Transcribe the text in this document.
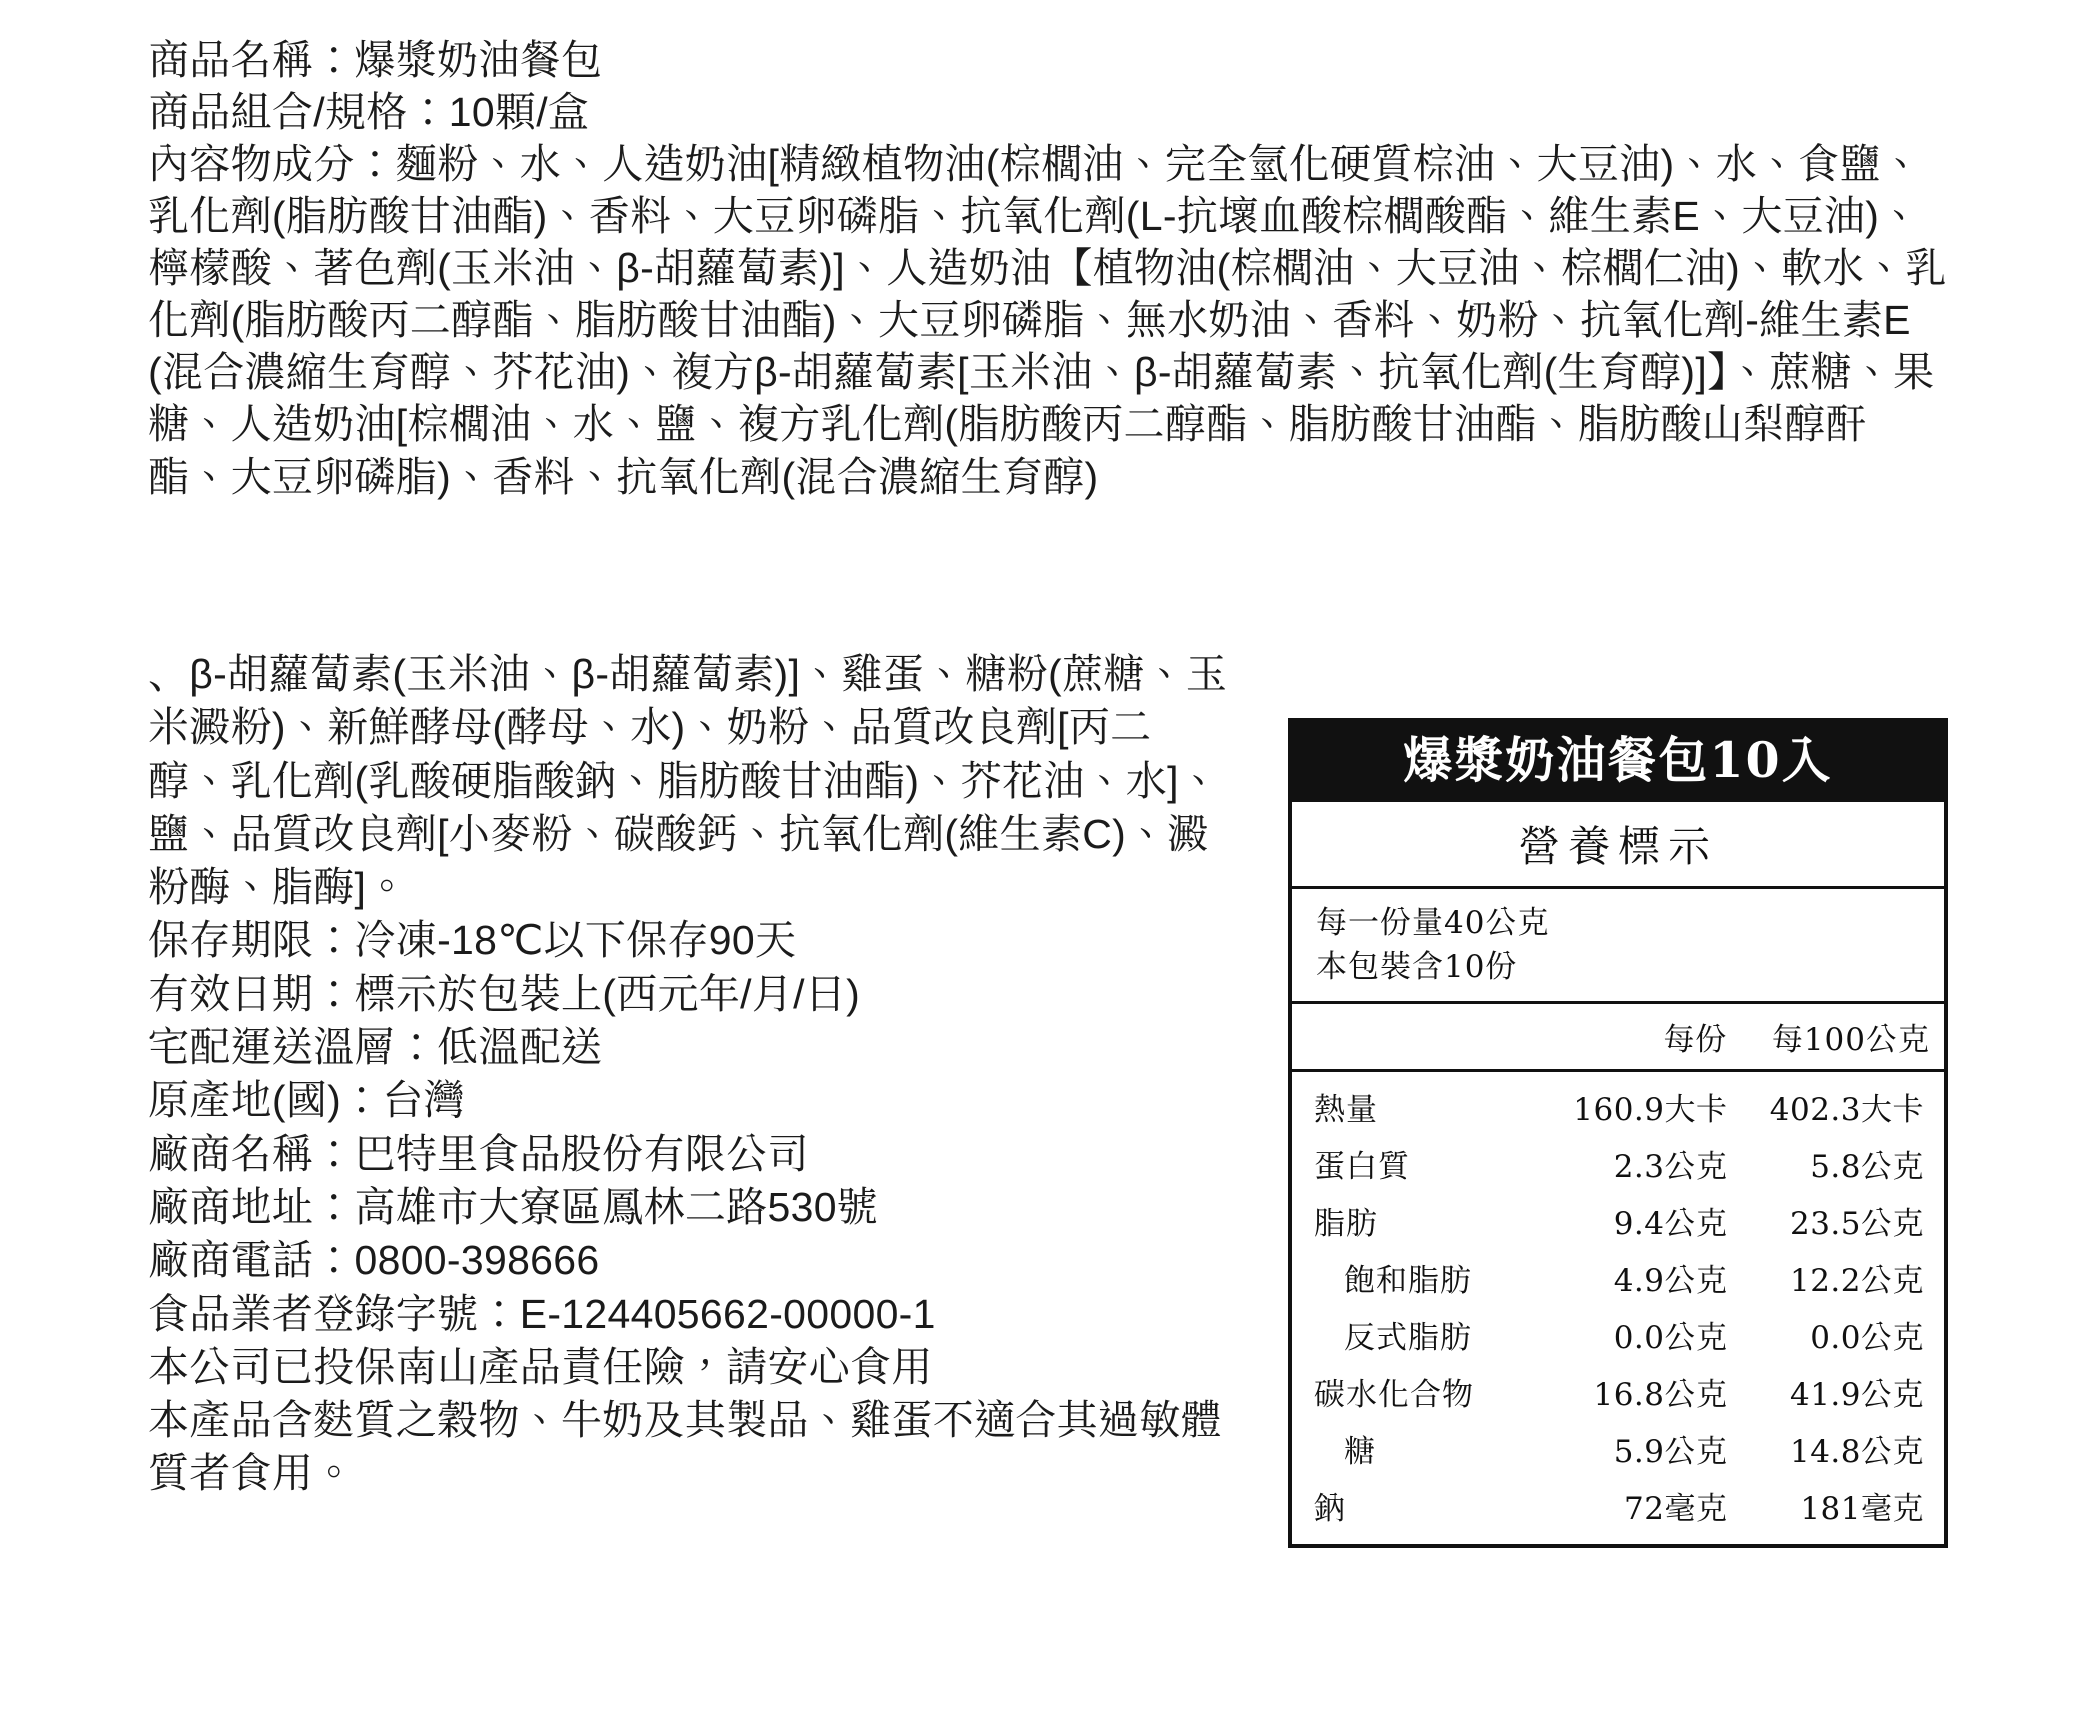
商品名稱：爆漿奶油餐包
商品組合/規格：10顆/盒
內容物成分：麵粉、水、人造奶油[精緻植物油(棕櫚油、完全氫化硬質棕油、大豆油)、水、食鹽、乳化劑(脂肪酸甘油酯)、香料、大豆卵磷脂、抗氧化劑(L-抗壞血酸棕櫚酸酯、維生素E、大豆油)、檸檬酸、著色劑(玉米油、β-胡蘿蔔素)]、人造奶油【植物油(棕櫚油、大豆油、棕櫚仁油)、軟水、乳化劑(脂肪酸丙二醇酯、脂肪酸甘油酯)、大豆卵磷脂、無水奶油、香料、奶粉、抗氧化劑-維生素E(混合濃縮生育醇、芥花油)、複方β-胡蘿蔔素[玉米油、β-胡蘿蔔素、抗氧化劑(生育醇)]】、蔗糖、果糖、人造奶油[棕櫚油、水、鹽、複方乳化劑(脂肪酸丙二醇酯、脂肪酸甘油酯、脂肪酸山梨醇酐酯、大豆卵磷脂)、香料、抗氧化劑(混合濃縮生育醇)
、β-胡蘿蔔素(玉米油、β-胡蘿蔔素)]、雞蛋、糖粉(蔗糖、玉米澱粉)、新鮮酵母(酵母、水)、奶粉、品質改良劑[丙二醇、乳化劑(乳酸硬脂酸鈉、脂肪酸甘油酯)、芥花油、水]、鹽、品質改良劑[小麥粉、碳酸鈣、抗氧化劑(維生素C)、澱粉酶、脂酶]。
保存期限：冷凍-18℃以下保存90天
有效日期：標示於包裝上(西元年/月/日)
宅配運送溫層：低溫配送
原產地(國)：台灣
廠商名稱：巴特里食品股份有限公司
廠商地址：高雄市大寮區鳳林二路530號
廠商電話：0800-398666
食品業者登錄字號：E-124405662-00000-1
本公司已投保南山產品責任險，請安心食用
本產品含麩質之穀物、牛奶及其製品、雞蛋不適合其過敏體質者食用。
爆漿奶油餐包10入
營養標示
每一份量40公克
本包裝含10份
	每份	每100公克
熱量	160.9大卡	402.3大卡
蛋白質	2.3公克	5.8公克
脂肪	9.4公克	23.5公克
飽和脂肪	4.9公克	12.2公克
反式脂肪	0.0公克	0.0公克
碳水化合物	16.8公克	41.9公克
糖	5.9公克	14.8公克
鈉	72毫克	181毫克
